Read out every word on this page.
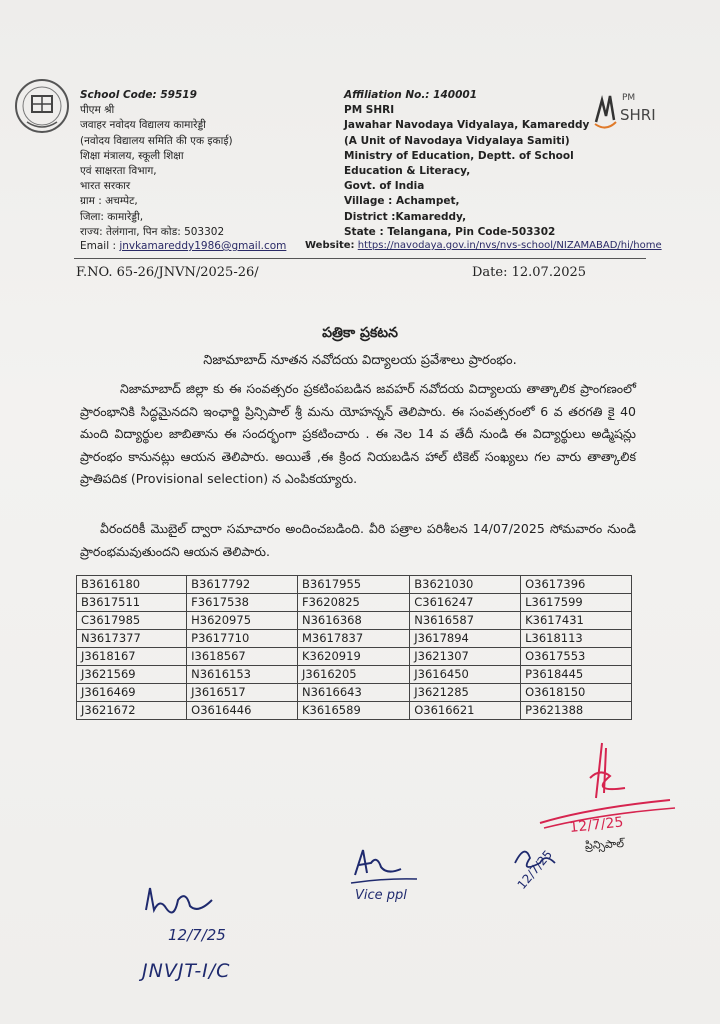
PM
SHRI
School Code: 59519
पीएम श्री
जवाहर नवोदय विद्यालय कामारेड्डी
(नवोदय विद्यालय समिति की एक इकाई)
शिक्षा मंत्रालय, स्कूली शिक्षा
एवं साक्षरता विभाग,
भारत सरकार
ग्राम : अचम्पेट,
जिला: कामारेड्डी,
राज्य: तेलंगाना, पिन कोड: 503302
Affiliation No.: 140001
PM SHRI
Jawahar Navodaya Vidyalaya, Kamareddy
(A Unit of Navodaya Vidyalaya Samiti)
Ministry of Education, Deptt. of School
Education & Literacy,
Govt. of India
Village : Achampet,
District :Kamareddy,
State : Telangana, Pin Code-503302
Email : jnvkamareddy1986@gmail.com Website: https://navodaya.gov.in/nvs/nvs-school/NIZAMABAD/hi/home
F.NO. 65-26/JNVN/2025-26/	Date: 12.07.2025
పత్రికా ప్రకటన
నిజామాబాద్ నూతన నవోదయ విద్యాలయ ప్రవేశాలు ప్రారంభం.
నిజామాబాద్ జిల్లా కు ఈ సంవత్సరం ప్రకటింపబడిన జవహర్ నవోదయ విద్యాలయ తాత్కాలిక ప్రాంగణంలో ప్రారంభానికి సిద్ధమైనదని ఇంఛార్జి ప్రిన్సిపాల్ శ్రీ మను యోహన్నన్ తెలిపారు. ఈ సంవత్సరంలో 6 వ తరగతి కై 40 మంది విద్యార్థుల జాబితాను ఈ సందర్భంగా ప్రకటించారు . ఈ నెల 14 వ తేదీ నుండి ఈ విద్యార్థులు అడ్మిషన్లు ప్రారంభం కానునట్లు ఆయన తెలిపారు. అయితే ,ఈ క్రింద నియబడిన హాల్ టికెట్ సంఖ్యలు గల వారు తాత్కాలిక ప్రాతిపదిక (Provisional selection) న ఎంపికయ్యారు.
వీరందరికీ మొబైల్ ద్వారా సమాచారం అందించబడింది. వీరి పత్రాల పరిశీలన 14/07/2025 సోమవారం నుండి ప్రారంభమవుతుందని ఆయన తెలిపారు.
B3616180	B3617792	B3617955	B3621030	O3617396
B3617511	F3617538	F3620825	C3616247	L3617599
C3617985	H3620975	N3616368	N3616587	K3617431
N3617377	P3617710	M3617837	J3617894	L3618113
J3618167	I3618567	K3620919	J3621307	O3617553
J3621569	N3616153	J3616205	J3616450	P3618445
J3616469	J3616517	N3616643	J3621285	O3618150
J3621672	O3616446	K3616589	O3616621	P3621388
12/7/25
ప్రిన్సిపాల్
12/7/25
Vice ppl
12/7/25
JNVJT-I/C
